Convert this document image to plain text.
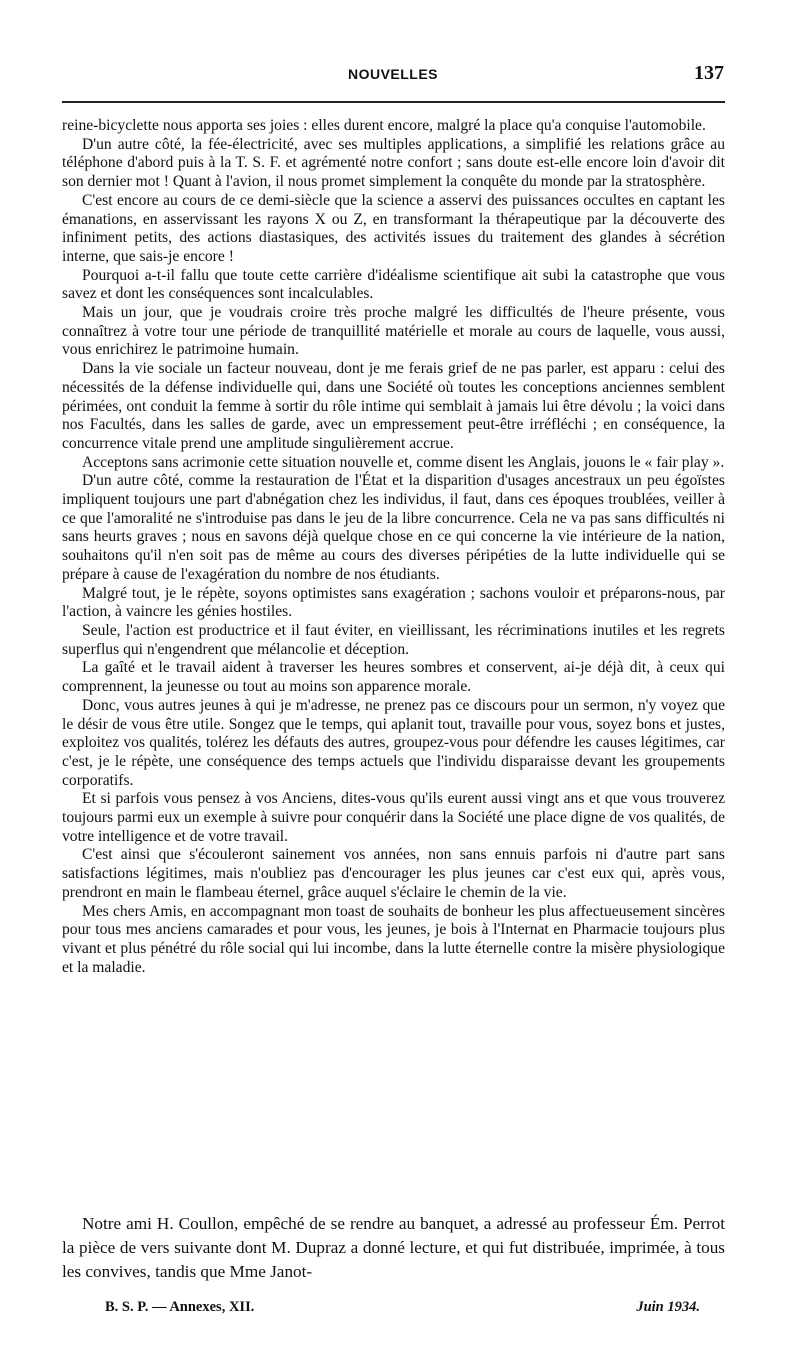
NOUVELLES	137

reine-bicyclette nous apporta ses joies : elles durent encore, malgré la place qu'a conquise l'automobile.

D'un autre côté, la fée-électricité, avec ses multiples applications, a simplifié les relations grâce au téléphone d'abord puis à la T. S. F. et agrémenté notre confort ; sans doute est-elle encore loin d'avoir dit son dernier mot ! Quant à l'avion, il nous promet simplement la conquête du monde par la stratosphère.

C'est encore au cours de ce demi-siècle que la science a asservi des puissances occultes en captant les émanations, en asservissant les rayons X ou Z, en transformant la thérapeutique par la découverte des infiniment petits, des actions diastasiques, des activités issues du traitement des glandes à sécrétion interne, que sais-je encore !

Pourquoi a-t-il fallu que toute cette carrière d'idéalisme scientifique ait subi la catastrophe que vous savez et dont les conséquences sont incalculables.

Mais un jour, que je voudrais croire très proche malgré les difficultés de l'heure présente, vous connaîtrez à votre tour une période de tranquillité matérielle et morale au cours de laquelle, vous aussi, vous enrichirez le patrimoine humain.

Dans la vie sociale un facteur nouveau, dont je me ferais grief de ne pas parler, est apparu : celui des nécessités de la défense individuelle qui, dans une Société où toutes les conceptions anciennes semblent périmées, ont conduit la femme à sortir du rôle intime qui semblait à jamais lui être dévolu ; la voici dans nos Facultés, dans les salles de garde, avec un empressement peut-être irréfléchi ; en conséquence, la concurrence vitale prend une amplitude singulièrement accrue.

Acceptons sans acrimonie cette situation nouvelle et, comme disent les Anglais, jouons le « fair play ».

D'un autre côté, comme la restauration de l'État et la disparition d'usages ancestraux un peu égoïstes impliquent toujours une part d'abnégation chez les individus, il faut, dans ces époques troublées, veiller à ce que l'amoralité ne s'introduise pas dans le jeu de la libre concurrence. Cela ne va pas sans difficultés ni sans heurts graves ; nous en savons déjà quelque chose en ce qui concerne la vie intérieure de la nation, souhaitons qu'il n'en soit pas de même au cours des diverses péripéties de la lutte individuelle qui se prépare à cause de l'exagération du nombre de nos étudiants.

Malgré tout, je le répète, soyons optimistes sans exagération ; sachons vouloir et préparons-nous, par l'action, à vaincre les génies hostiles.

Seule, l'action est productrice et il faut éviter, en vieillissant, les récriminations inutiles et les regrets superflus qui n'engendrent que mélancolie et déception.

La gaîté et le travail aident à traverser les heures sombres et conservent, ai-je déjà dit, à ceux qui comprennent, la jeunesse ou tout au moins son apparence morale.

Donc, vous autres jeunes à qui je m'adresse, ne prenez pas ce discours pour un sermon, n'y voyez que le désir de vous être utile. Songez que le temps, qui aplanit tout, travaille pour vous, soyez bons et justes, exploitez vos qualités, tolérez les défauts des autres, groupez-vous pour défendre les causes légitimes, car c'est, je le répète, une conséquence des temps actuels que l'individu disparaisse devant les groupements corporatifs.

Et si parfois vous pensez à vos Anciens, dites-vous qu'ils eurent aussi vingt ans et que vous trouverez toujours parmi eux un exemple à suivre pour conquérir dans la Société une place digne de vos qualités, de votre intelligence et de votre travail.

C'est ainsi que s'écouleront sainement vos années, non sans ennuis parfois ni d'autre part sans satisfactions légitimes, mais n'oubliez pas d'encourager les plus jeunes car c'est eux qui, après vous, prendront en main le flambeau éternel, grâce auquel s'éclaire le chemin de la vie.

Mes chers Amis, en accompagnant mon toast de souhaits de bonheur les plus affectueusement sincères pour tous mes anciens camarades et pour vous, les jeunes, je bois à l'Internat en Pharmacie toujours plus vivant et plus pénétré du rôle social qui lui incombe, dans la lutte éternelle contre la misère physiologique et la maladie.

Notre ami H. Coullon, empêché de se rendre au banquet, a adressé au professeur Ém. Perrot la pièce de vers suivante dont M. Dupraz a donné lecture, et qui fut distribuée, imprimée, à tous les convives, tandis que Mme Janot-

B. S. P. — Annexes, XII.	Juin 1934.
